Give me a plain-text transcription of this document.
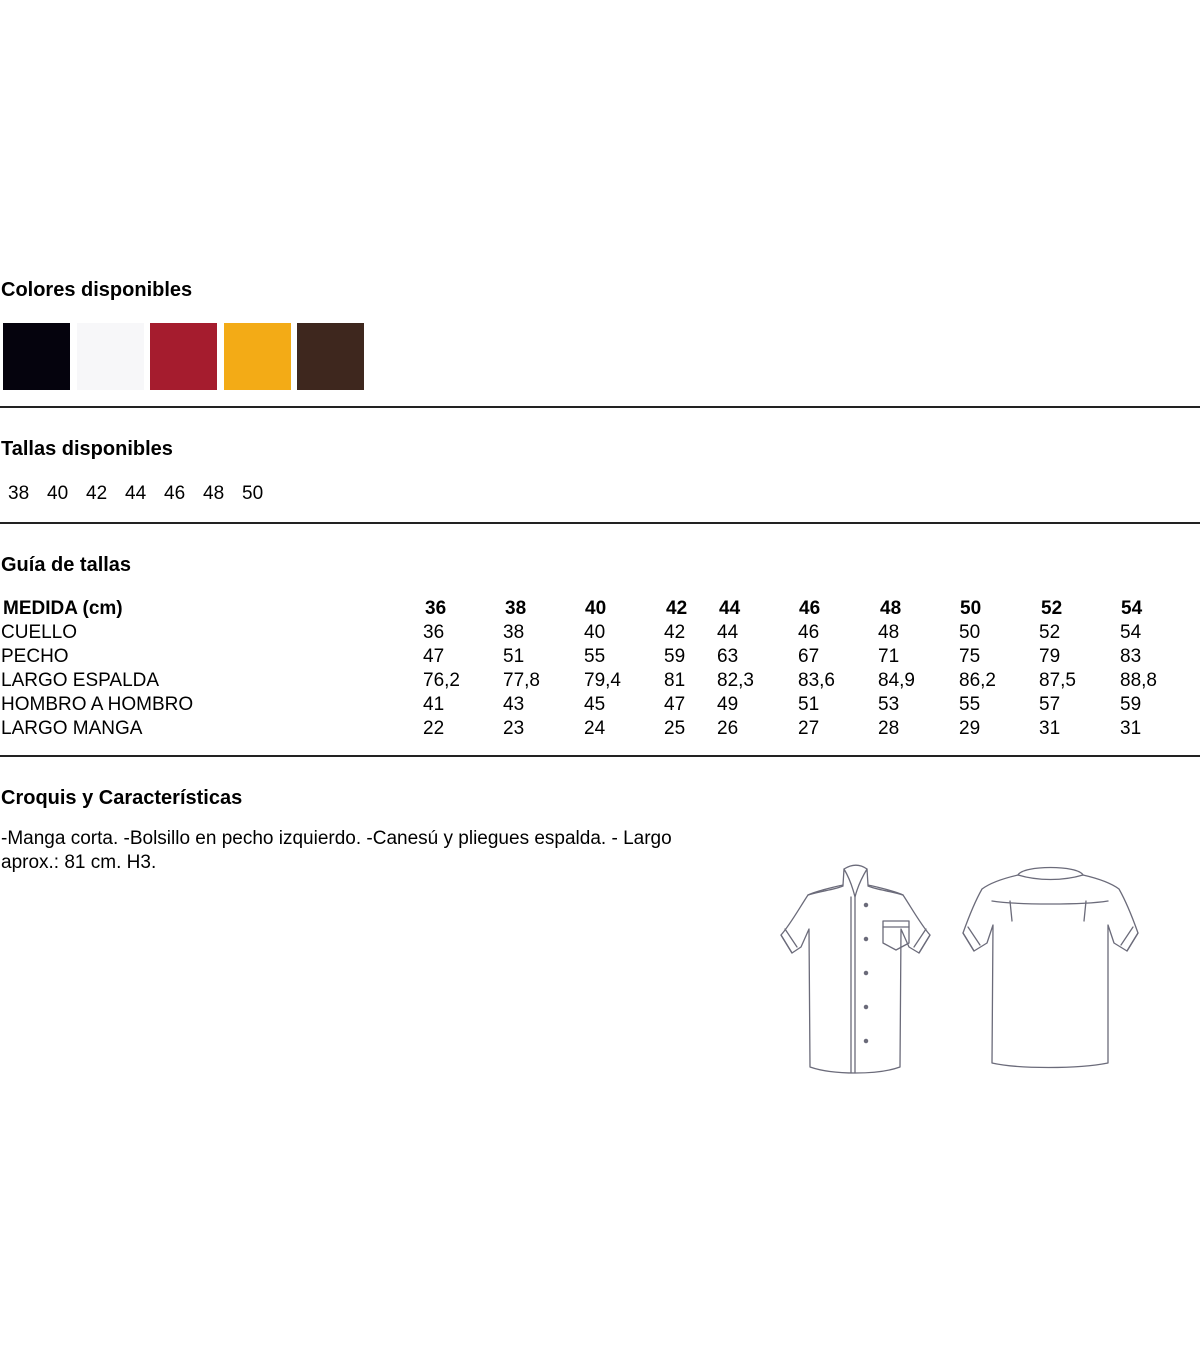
Colores disponibles
Tallas disponibles
38 40 42 44 46 48 50
Guía de tallas
MEDIDA (cm)	36	38	40	42 44	46	48	50	52	54
CUELLO	36	38	40	42 44	46	48	50	52	54
PECHO	47	51	55	59 63	67	71	75	79	83
LARGO ESPALDA	76,2 77,8 79,4 81 82,3 83,6 84,9 86,2 87,5 88,8
HOMBRO A HOMBRO	41	43	45	47 49	51	53	55	57	59
LARGO MANGA	22	23	24	25 26	27	28	29	31	31
Croquis y Características

-Manga corta. -Bolsillo en pecho izquierdo. -Canesú y pliegues espalda. - Largo aprox.: 81 cm. H3.
